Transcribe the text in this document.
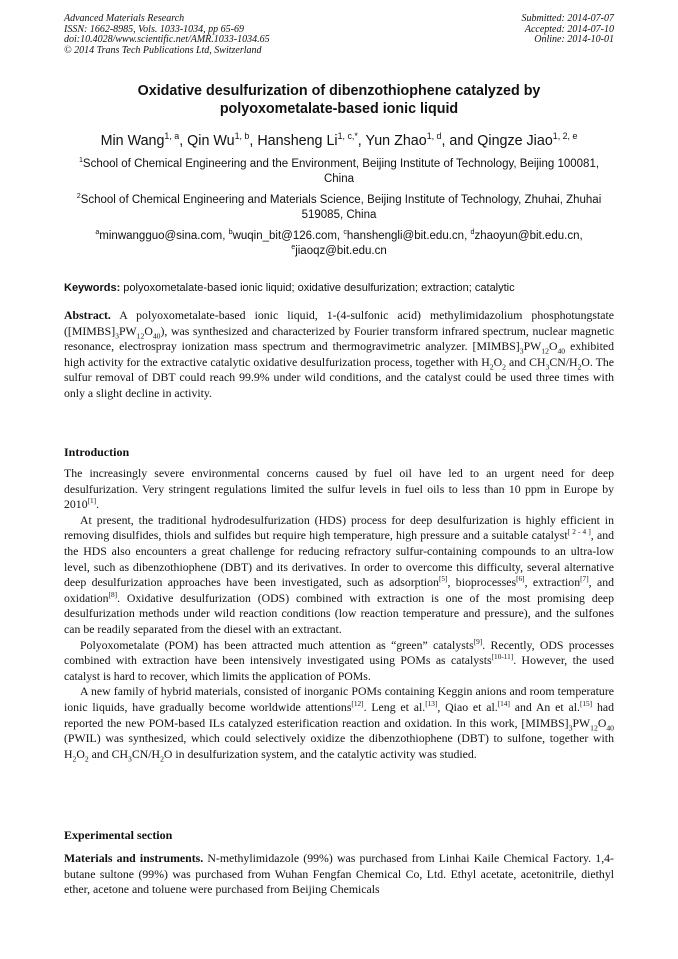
Advanced Materials Research
ISSN: 1662-8985, Vols. 1033-1034, pp 65-69
doi:10.4028/www.scientific.net/AMR.1033-1034.65
© 2014 Trans Tech Publications Ltd, Switzerland
Submitted: 2014-07-07
Accepted: 2014-07-10
Online: 2014-10-01
Oxidative desulfurization of dibenzothiophene catalyzed by
polyoxometalate-based ionic liquid
Min Wang$^{1, a}$, Qin Wu$^{1, b}$, Hansheng $Li^{1, c,*}$, Yun Zhao$^{1, d}$, and Qingze Jiao$^{1, 2, e}$
$^1$School of Chemical Engineering and the Environment, Beijing Institute of Technology, Beijing 100081, China
$^2$School of Chemical Engineering and Materials Science, Beijing Institute of Technology, Zhuhai, Zhuhai 519085, China
$^a$minwangguo@sina.com, $^b$wuqin_bit@126.com, $^c$hanshengli@bit.edu.cn, $^d$zhaoyun@bit.edu.cn, $^e$jiaoqz@bit.edu.cn
Keywords: polyoxometalate-based ionic liquid; oxidative desulfurization; extraction; catalytic
Abstract. A polyoxometalate-based ionic liquid, 1-(4-sulfonic acid) methylimidazolium phosphotungstate $([MIMBS]_3PW_{12}O_{40})$, was synthesized and characterized by Fourier transform infrared spectrum, nuclear magnetic resonance, electrospray ionization mass spectrum and thermogravimetric analyzer. $[MIMBS]_3PW_{12}O_{40}$ exhibited high activity for the extractive catalytic oxidative desulfurization process, together with $H_2O_2$ and $CH_3CN/H_2O$. The sulfur removal of DBT could reach 99.9% under wild conditions, and the catalyst could be used three times with only a slight decline in activity.
Introduction

The increasingly severe environmental concerns caused by fuel oil have led to an urgent need for deep desulfurization. Very stringent regulations limited the sulfur levels in fuel oils to less than 10 ppm in Europe by 2010[1].

At present, the traditional hydrodesulfurization (HDS) process for deep desulfurization is highly efficient in removing disulfides, thiols and sulfides but require high temperature, high pressure and a suitable catalyst[ 2 - 4 ], and the HDS also encounters a great challenge for reducing refractory sulfur-containing compounds to an ultra-low level, such as dibenzothiophene (DBT) and its derivatives. In order to overcome this difficulty, several alternative deep desulfurization approaches have been investigated, such as adsorption[5], bioprocesses[6], extraction[7], and oxidation[8]. Oxidative desulfurization (ODS) combined with extraction is one of the most promising deep desulfurization methods under wild reaction conditions (low reaction temperature and pressure), and the sulfones can be readily separated from the diesel with an extractant.

Polyoxometalate (POM) has been attracted much attention as “green” catalysts[9]. Recently, ODS processes combined with extraction have been intensively investigated using POMs as catalysts[10-11]. However, the used catalyst is hard to recover, which limits the application of POMs.

A new family of hybrid materials, consisted of inorganic POMs containing Keggin anions and room temperature ionic liquids, have gradually become worldwide attentions[12]. Leng et al.[13], Qiao et al.[14] and An et al.[15] had reported the new POM-based ILs catalyzed esterification reaction and oxidation. In this work, $[MIMBS]_3PW_{12}O_{40}$ (PWIL) was synthesized, which could selectively oxidize the dibenzothiophene (DBT) to sulfone, together with $H_2O_2$ and $CH_3CN/H_2O$ in desulfurization system, and the catalytic activity was studied.

Experimental section
Materials and instruments. N-methylimidazole (99%) was purchased from Linhai Kaile Chemical Factory. 1,4-butane sultone (99%) was purchased from Wuhan Fengfan Chemical Co, Ltd. Ethyl acetate, acetonitrile, diethyl ether, acetone and toluene were purchased from Beijing Chemicals
